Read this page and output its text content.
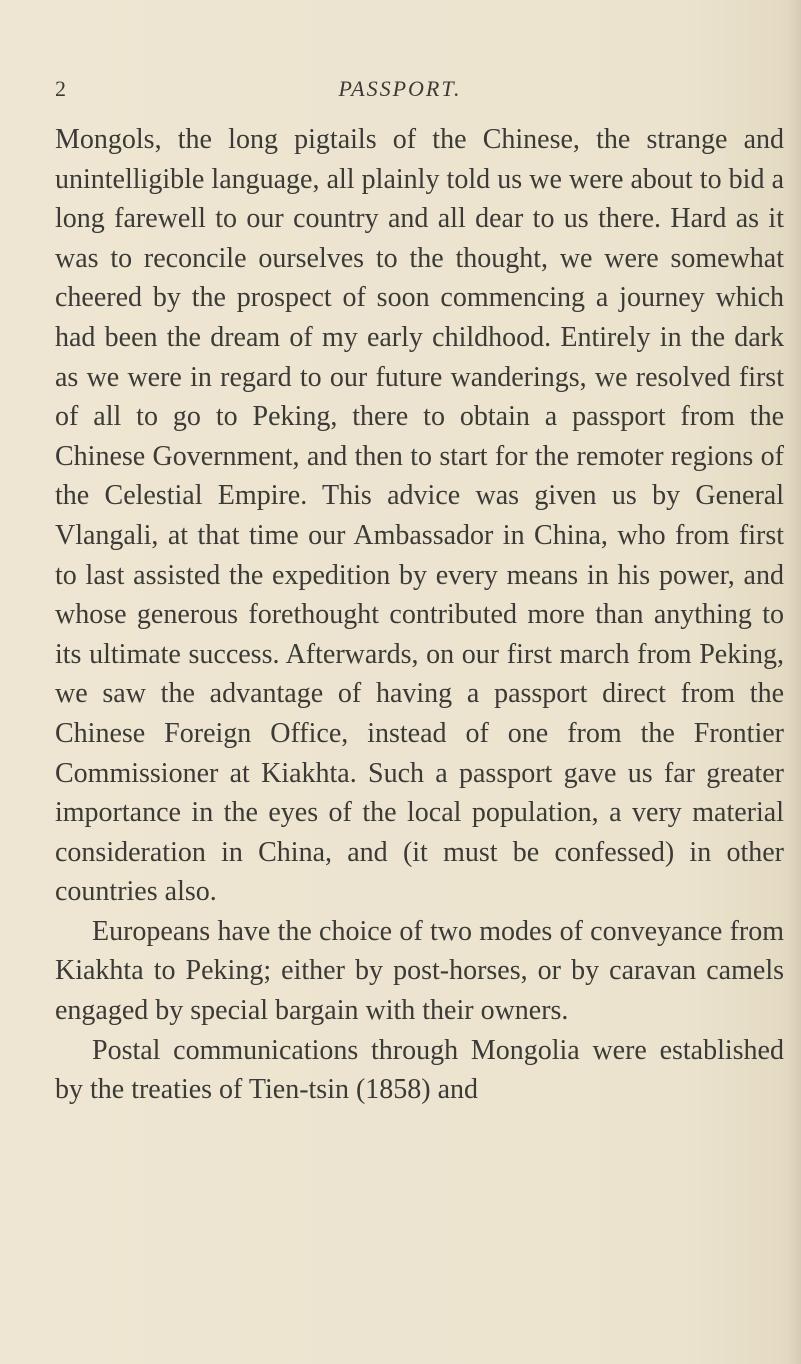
2	PASSPORT.

Mongols, the long pigtails of the Chinese, the strange and unintelligible language, all plainly told us we were about to bid a long farewell to our country and all dear to us there. Hard as it was to reconcile ourselves to the thought, we were somewhat cheered by the prospect of soon commencing a journey which had been the dream of my early childhood. Entirely in the dark as we were in regard to our future wanderings, we resolved first of all to go to Peking, there to obtain a passport from the Chinese Government, and then to start for the remoter regions of the Celestial Empire. This advice was given us by General Vlangali, at that time our Ambassador in China, who from first to last assisted the expedition by every means in his power, and whose generous forethought contributed more than anything to its ultimate success. Afterwards, on our first march from Peking, we saw the advantage of having a passport direct from the Chinese Foreign Office, instead of one from the Frontier Commissioner at Kiakhta. Such a passport gave us far greater importance in the eyes of the local population, a very material consideration in China, and (it must be confessed) in other countries also.

Europeans have the choice of two modes of conveyance from Kiakhta to Peking; either by post-horses, or by caravan camels engaged by special bargain with their owners.

Postal communications through Mongolia were established by the treaties of Tien-tsin (1858) and
